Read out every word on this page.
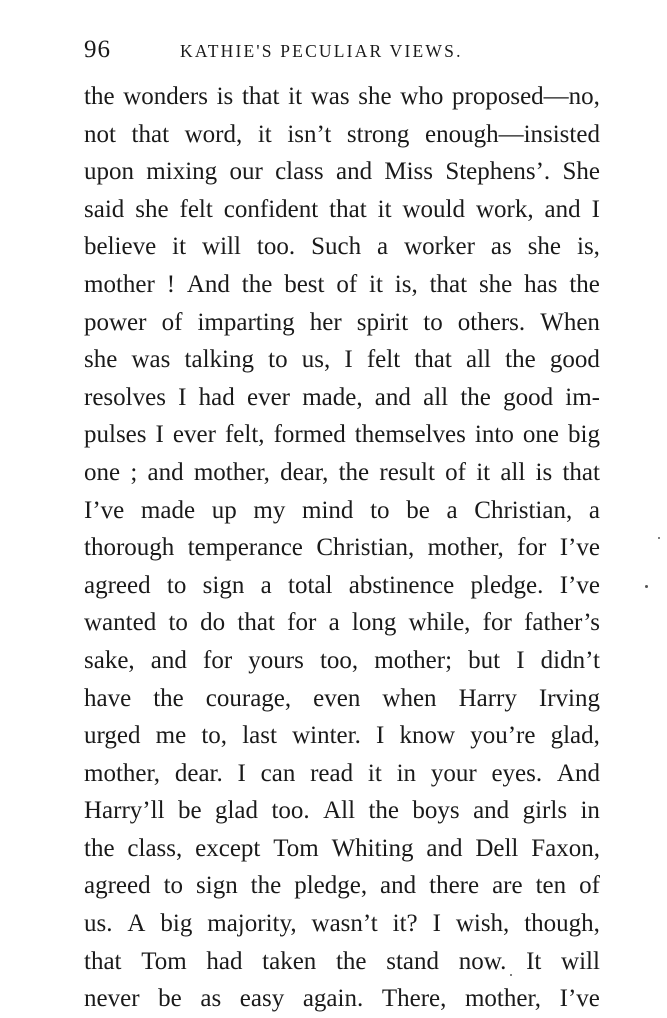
96	KATHIE'S PECULIAR VIEWS.
the wonders is that it was she who proposed—no,
not that word, it isn’t strong enough—insisted
upon mixing our class and Miss Stephens’. She
said she felt confident that it would work, and I
believe it will too. Such a worker as she is,
mother ! And the best of it is, that she has the
power of imparting her spirit to others. When
she was talking to us, I felt that all the good
resolves I had ever made, and all the good im-
pulses I ever felt, formed themselves into one big
one ; and mother, dear, the result of it all is that
I’ve made up my mind to be a Christian, a
thorough temperance Christian, mother, for I’ve
agreed to sign a total abstinence pledge. I’ve
wanted to do that for a long while, for father’s
sake, and for yours too, mother; but I didn’t
have the courage, even when Harry Irving
urged me to, last winter. I know you’re glad,
mother, dear. I can read it in your eyes. And
Harry’ll be glad too. All the boys and girls in
the class, except Tom Whiting and Dell Faxon,
agreed to sign the pledge, and there are ten of
us. A big majority, wasn’t it? I wish, though,
that Tom had taken the stand now. It will
never be as easy again. There, mother, I’ve
